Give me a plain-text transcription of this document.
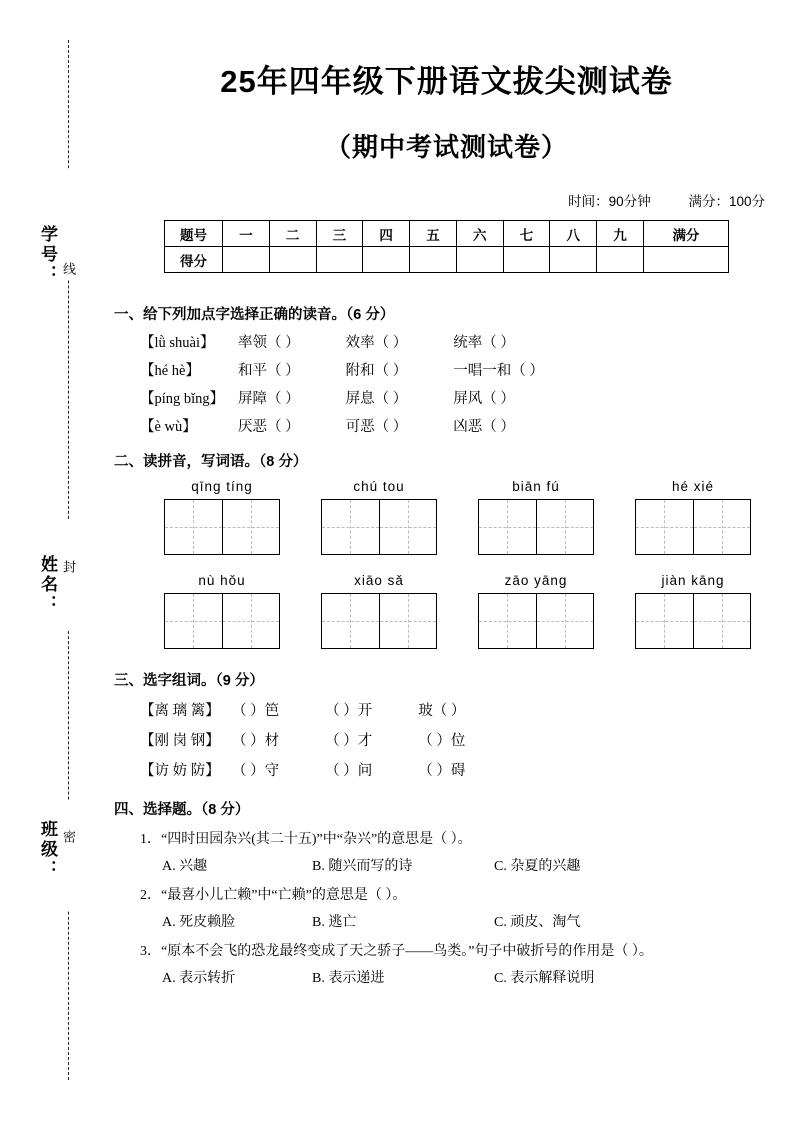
学号：
姓名：
班级：
线
封
密
25年四年级下册语文拔尖测试卷
（期中考试测试卷）
时间：90分钟	满分：100分
题号	一	二	三	四	五	六	七	八	九	满分
得分										
一、给下列加点字选择正确的读音。（6 分）
【lǜ shuài】 率领（ ）	效率（ ）	统率（ ）
【hé hè】	和平（ ）	附和（ ）	一唱一和（ ）
【píng bǐng】 屏障（ ）	屏息（ ）	屏风（ ）
【è wù】	厌恶（ ）	可恶（ ）	凶恶（ ）
二、读拼音，写词语。（8 分）
qīng tíng	chú tou	biān fú	hé xié
nù hǒu	xiāo sǎ	zāo yāng	jiàn kāng
三、选字组词。（9 分）
【离 璃 篱】 （ ）笆	（ ）开	玻（ ）
【刚 岗 钢】 （ ）材	（ ）才	（ ）位
【访 妨 防】 （ ）守	（ ）问	（ ）碍
四、选择题。（8 分）
1．“四时田园杂兴(其二十五)”中“杂兴”的意思是（ ）。
A. 兴趣	B. 随兴而写的诗	C. 杂夏的兴趣
2．“最喜小儿亡赖”中“亡赖”的意思是（ ）。
A. 死皮赖脸	B. 逃亡	C. 顽皮、淘气
3．“原本不会飞的恐龙最终变成了天之骄子——鸟类。”句子中破折号的作用是（ ）。
A. 表示转折	B. 表示递进	C. 表示解释说明
